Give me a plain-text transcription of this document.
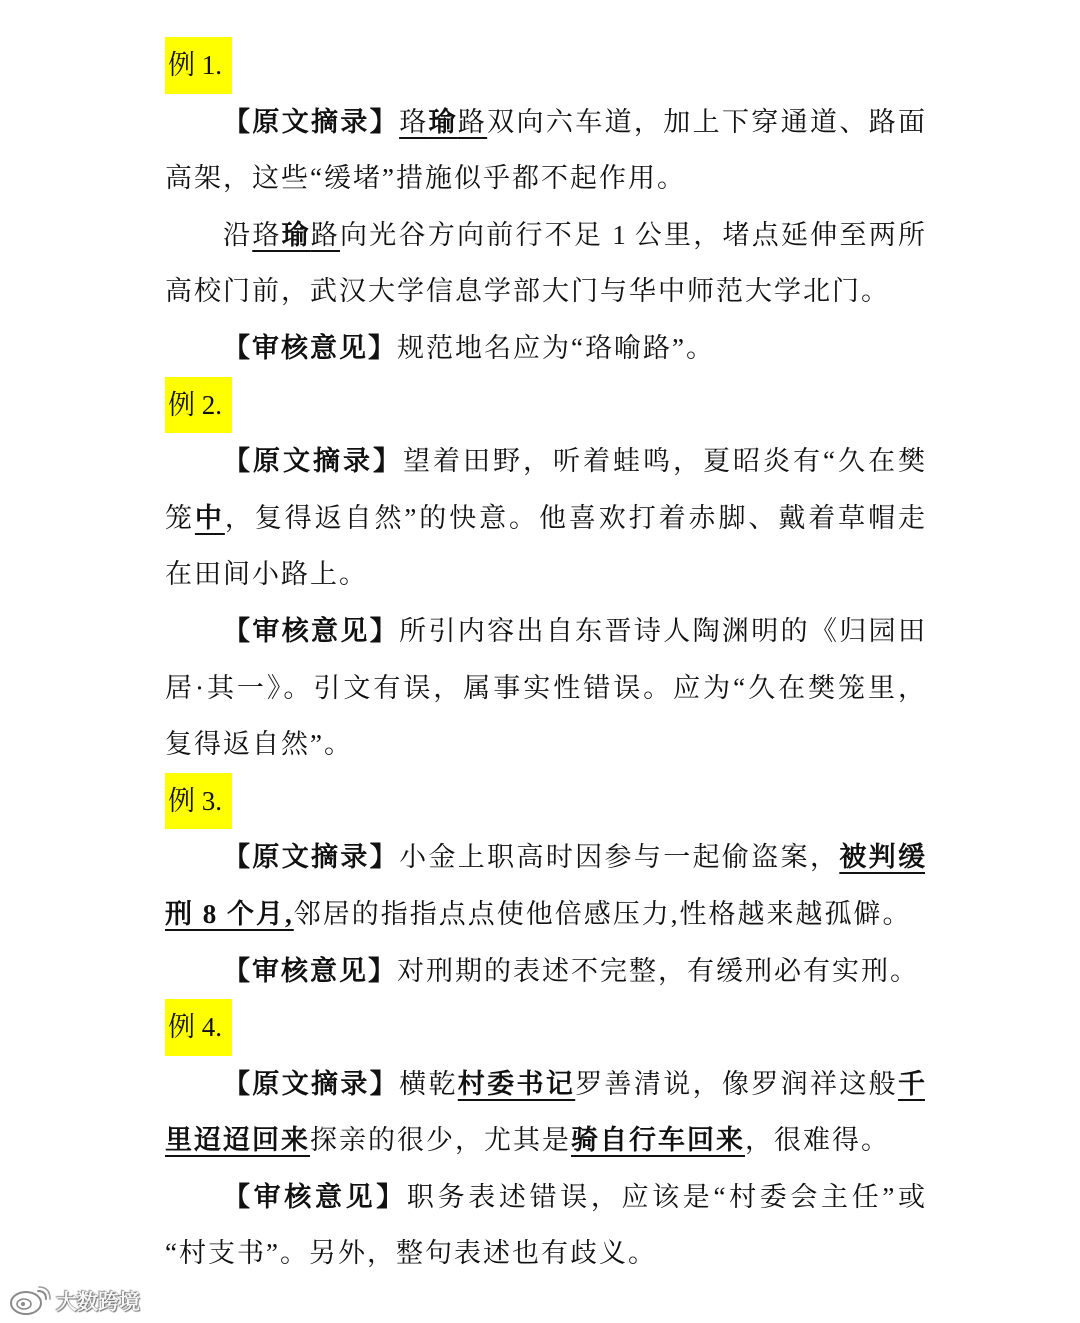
例 1.
【原文摘录】珞瑜路双向六车道，加上下穿通道、路面
高架，这些“缓堵”措施似乎都不起作用。
沿珞瑜路向光谷方向前行不足 1 公里，堵点延伸至两所
高校门前，武汉大学信息学部大门与华中师范大学北门。
【审核意见】规范地名应为“珞喻路”。
例 2.
【原文摘录】望着田野，听着蛙鸣，夏昭炎有“久在樊
笼中，复得返自然”的快意。他喜欢打着赤脚、戴着草帽走
在田间小路上。
【审核意见】所引内容出自东晋诗人陶渊明的《归园田
居·其一》。引文有误，属事实性错误。应为“久在樊笼里，
复得返自然”。
例 3.
【原文摘录】小金上职高时因参与一起偷盗案，被判缓
刑 8 个月,邻居的指指点点使他倍感压力,性格越来越孤僻。
【审核意见】对刑期的表述不完整，有缓刑必有实刑。
例 4.
【原文摘录】横乾村委书记罗善清说，像罗润祥这般千
里迢迢回来探亲的很少，尤其是骑自行车回来，很难得。
【审核意见】职务表述错误，应该是“村委会主任”或
“村支书”。另外，整句表述也有歧义。
大数跨境
